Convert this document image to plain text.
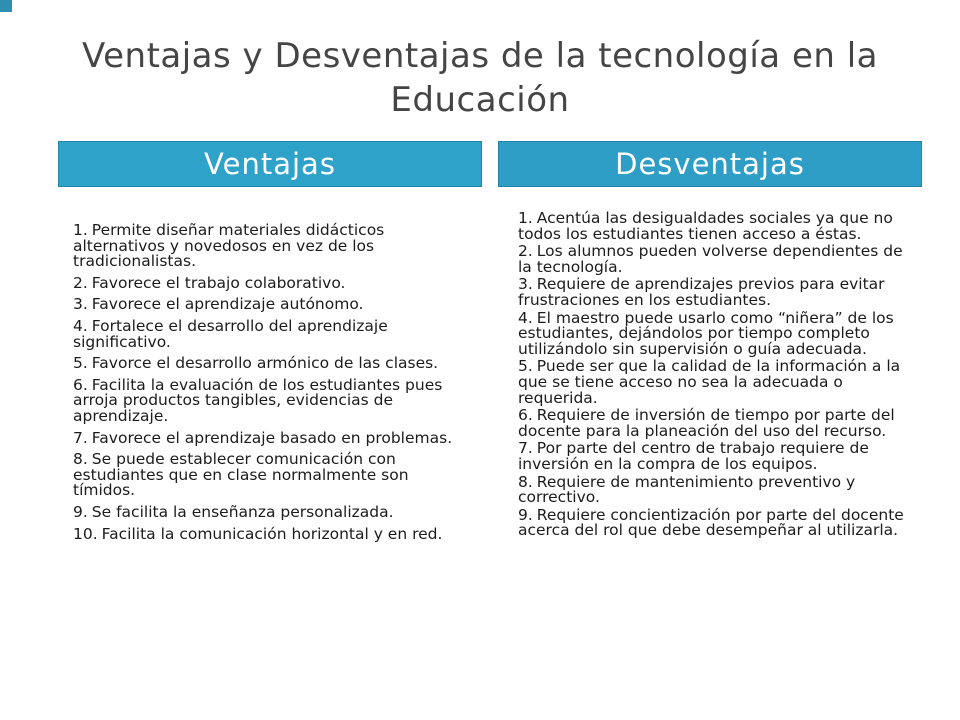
Ventajas y Desventajas de la tecnología en la Educación
Ventajas	Desventajas
1. Permite diseñar materiales didácticos alternativos y novedosos en vez de los tradicionalistas.
2. Favorece el trabajo colaborativo.
3. Favorece el aprendizaje autónomo.
4. Fortalece el desarrollo del aprendizaje significativo.
5. Favorce el desarrollo armónico de las clases.
6. Facilita la evaluación de los estudiantes pues arroja productos tangibles, evidencias de aprendizaje.
7. Favorece el aprendizaje basado en problemas.
8. Se puede establecer comunicación con estudiantes que en clase normalmente son tímidos.
9. Se facilita la enseñanza personalizada.
10. Facilita la comunicación horizontal y en red.
1. Acentúa las desigualdades sociales ya que no todos los estudiantes tienen acceso a éstas.
2. Los alumnos pueden volverse dependientes de la tecnología.
3. Requiere de aprendizajes previos para evitar frustraciones en los estudiantes.
4. El maestro puede usarlo como “niñera” de los estudiantes, dejándolos por tiempo completo utilizándolo sin supervisión o guía adecuada.
5. Puede ser que la calidad de la información a la que se tiene acceso no sea la adecuada o requerida.
6. Requiere de inversión de tiempo por parte del docente para la planeación del uso del recurso.
7. Por parte del centro de trabajo requiere de inversión en la compra de los equipos.
8. Requiere de mantenimiento preventivo y correctivo.
9. Requiere concientización por parte del docente acerca del rol que debe desempeñar al utilizarla.
